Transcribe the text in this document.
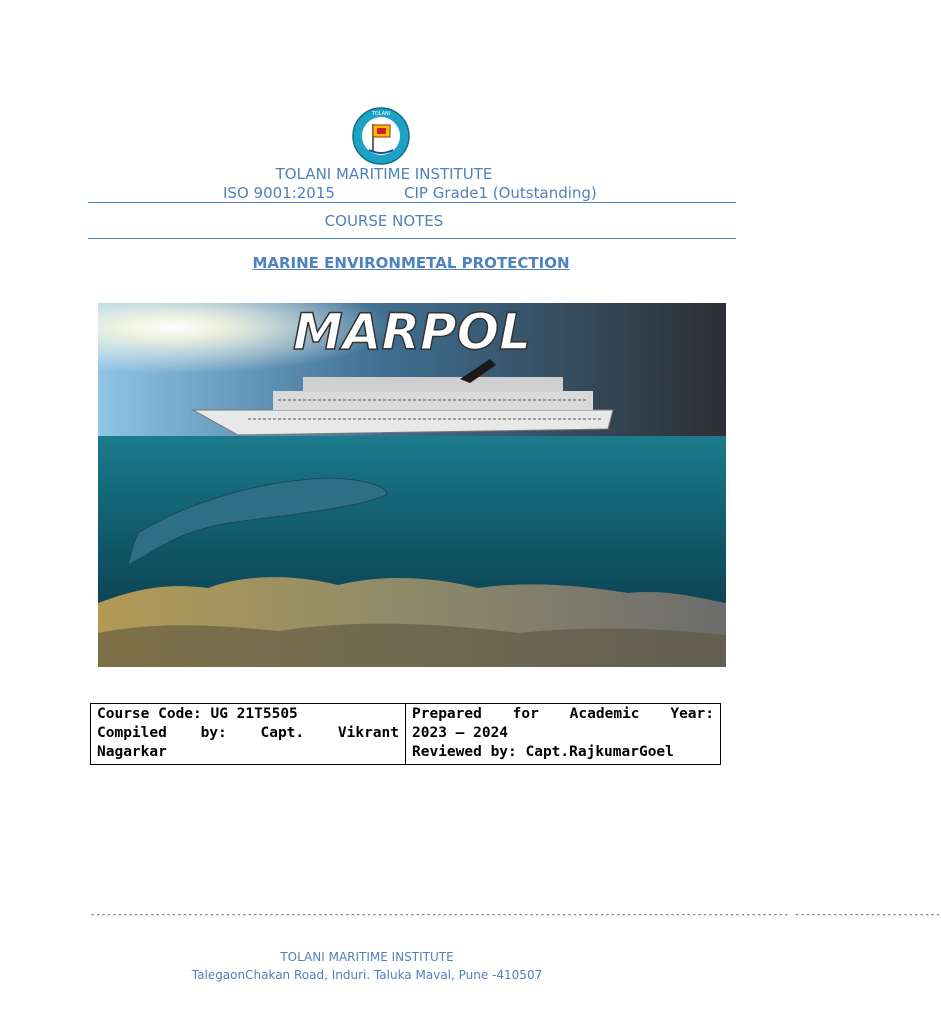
TOLANI
TOLANI MARITIME INSTITUTE
ISO 9001:2015	CIP Grade1 (Outstanding)
COURSE NOTES
MARINE ENVIRONMETAL PROTECTION
MARPOL
Course Code: UG 21T5505
Compiled by: Capt. Vikrant
Nagarkar

Prepared for Academic Year:
2023 – 2024
Reviewed by: Capt.RajkumarGoel
--------------------------------------------------------------------------------------------------------------------------------- ---------------------------
TOLANI MARITIME INSTITUTE
TalegaonChakan Road, Induri. Taluka Maval, Pune -410507
